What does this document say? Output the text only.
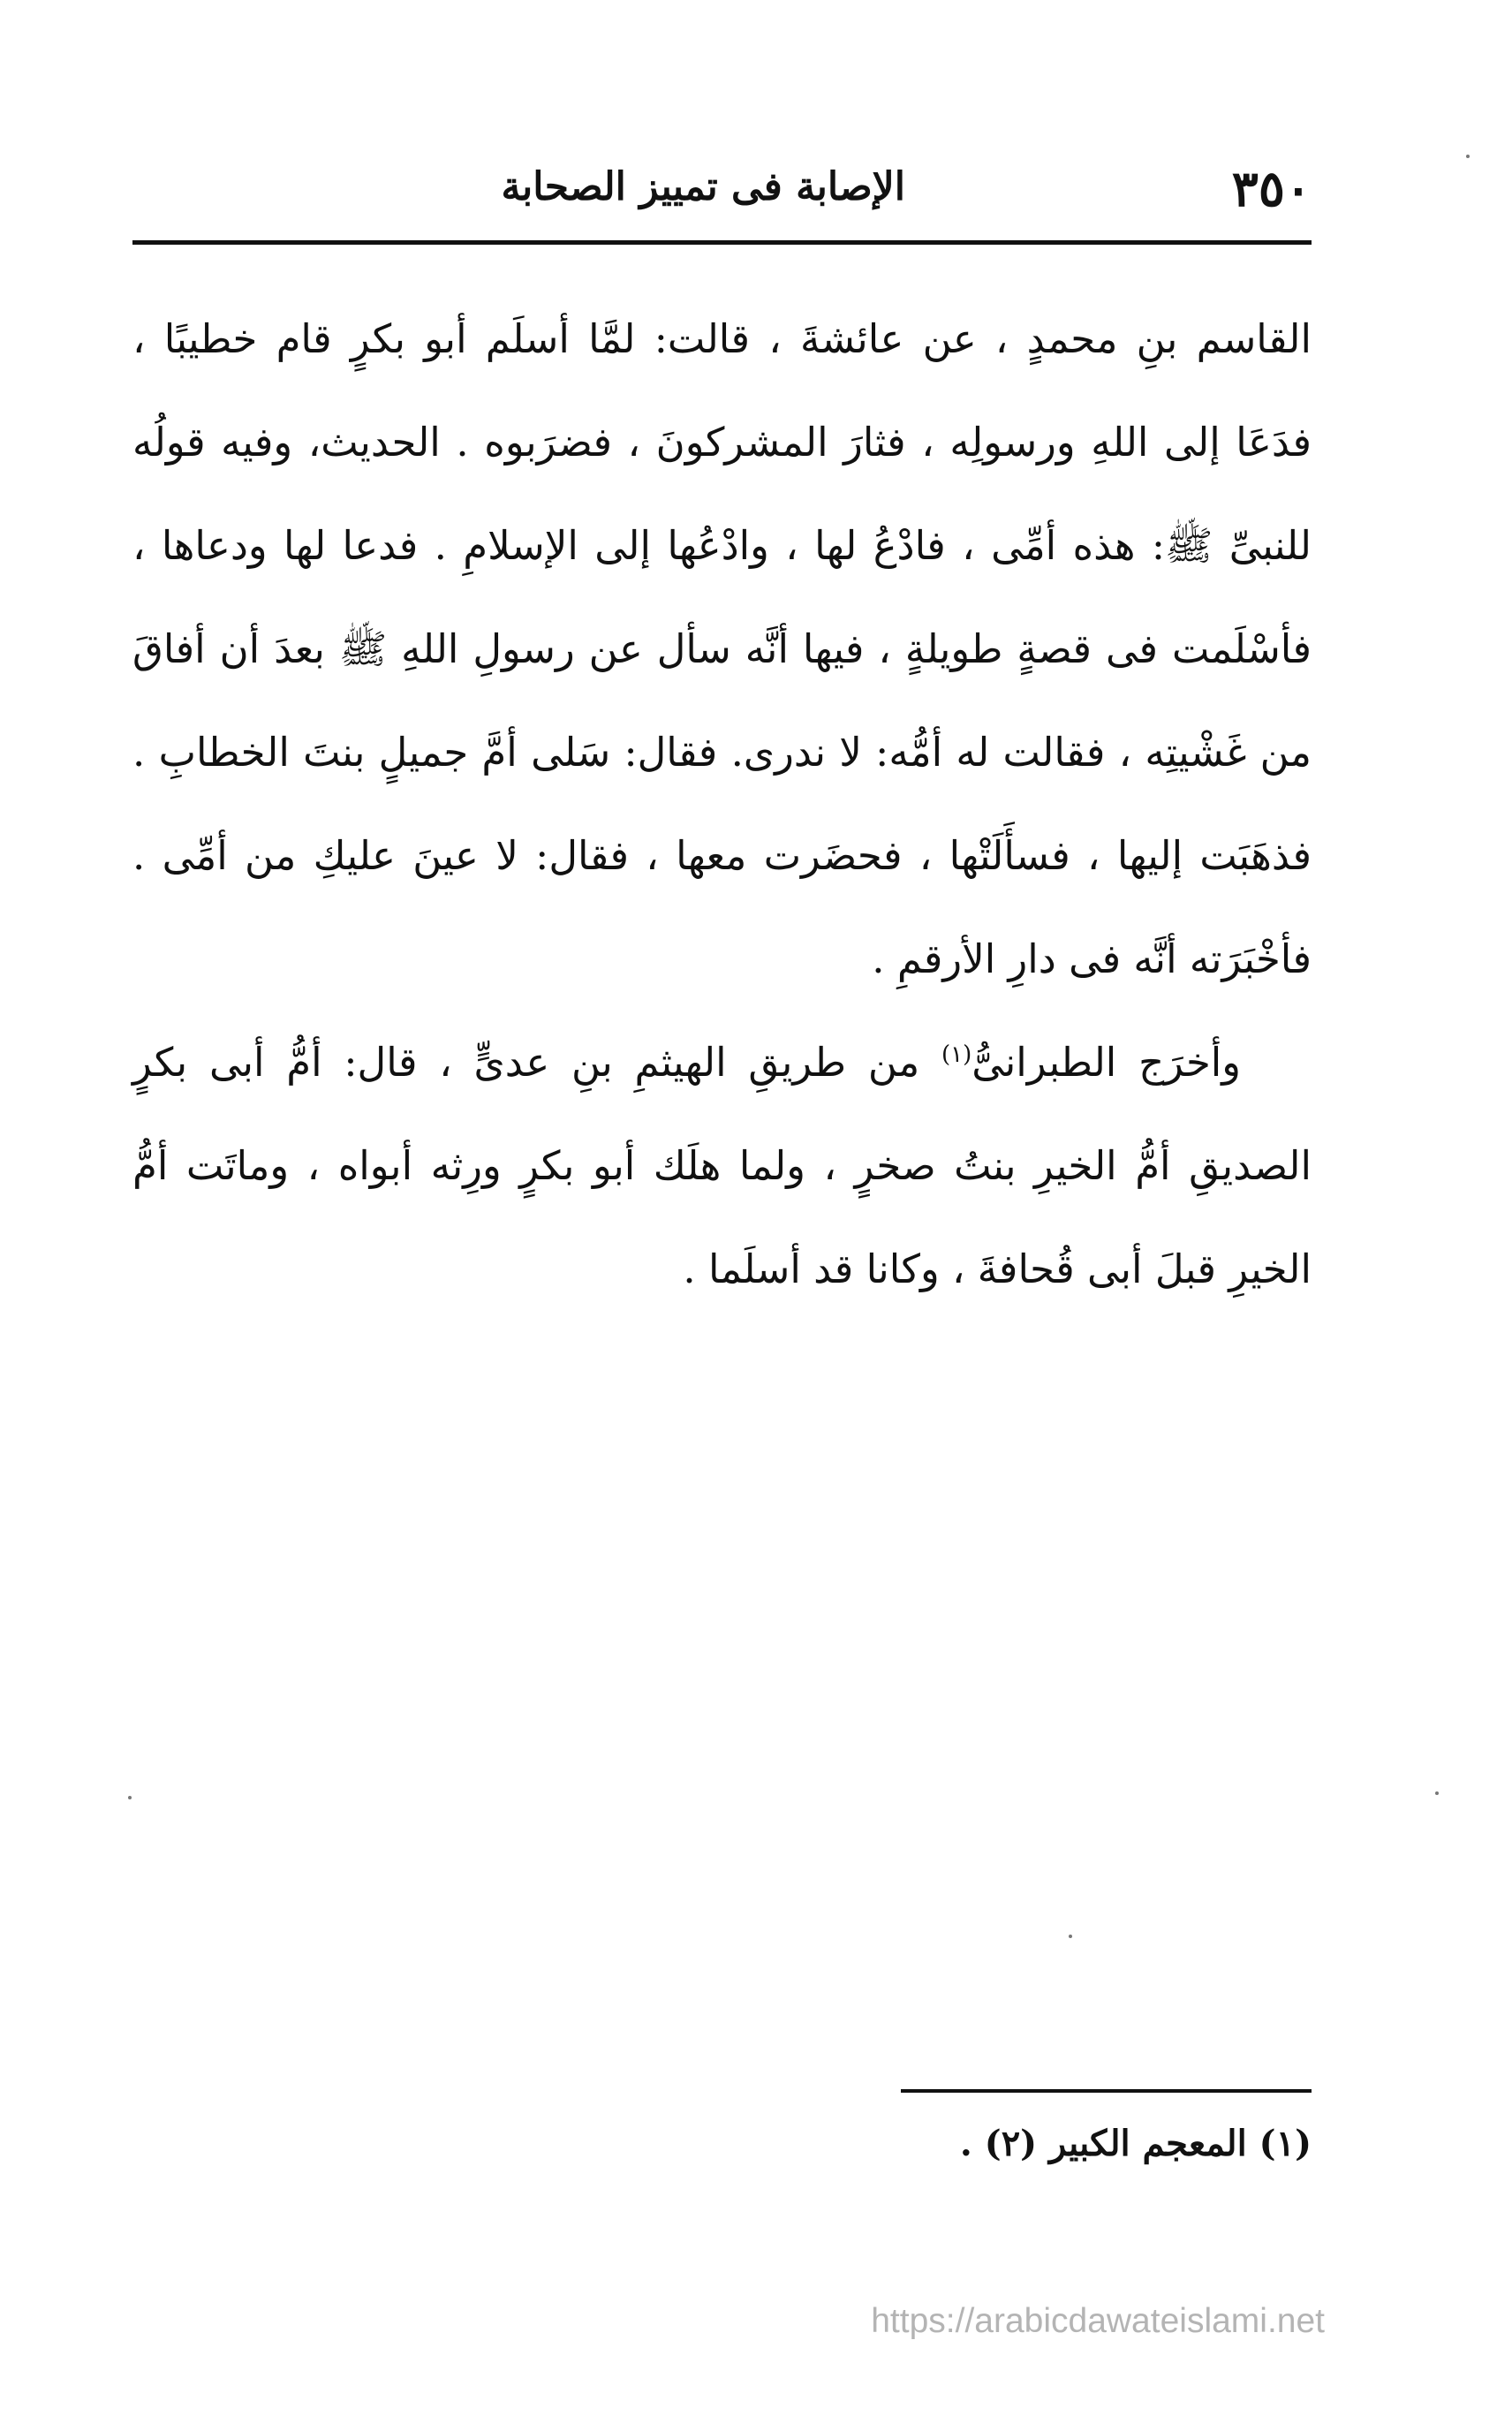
٣٥٠
الإصابة فى تمييز الصحابة

القاسم بنِ محمدٍ ، عن عائشةَ ، قالت: لمَّا أسلَم أبو بكرٍ قام خطيبًا ، فدَعَا إلى اللهِ ورسولِه ، فثارَ المشركونَ ، فضرَبوه . الحديث، وفيه قولُه للنبىِّ ﷺ: هذه أمِّى ، فادْعُ لها ، وادْعُها إلى الإسلامِ . فدعا لها ودعاها ، فأسْلَمت فى قصةٍ طويلةٍ ، فيها أنَّه سأل عن رسولِ اللهِ ﷺ بعدَ أن أفاقَ من غَشْيتِه ، فقالت له أمُّه: لا ندرى. فقال: سَلى أمَّ جميلٍ بنتَ الخطابِ . فذهَبَت إليها ، فسأَلَتْها ، فحضَرت معها ، فقال: لا عينَ عليكِ من أمِّى . فأخْبَرَته أنَّه فى دارِ الأرقمِ .

وأخرَج الطبرانىُّ$^{(١)}$ من طريقِ الهيثمِ بنِ عدىٍّ ، قال: أمُّ أبى بكرٍ الصديقِ أمُّ الخيرِ بنتُ صخرٍ ، ولما هلَك أبو بكرٍ ورِثه أبواه ، وماتَت أمُّ الخيرِ قبلَ أبى قُحافةَ ، وكانا قد أسلَما .

(١) المعجم الكبير (٢) .
https://arabicdawateislami.net
